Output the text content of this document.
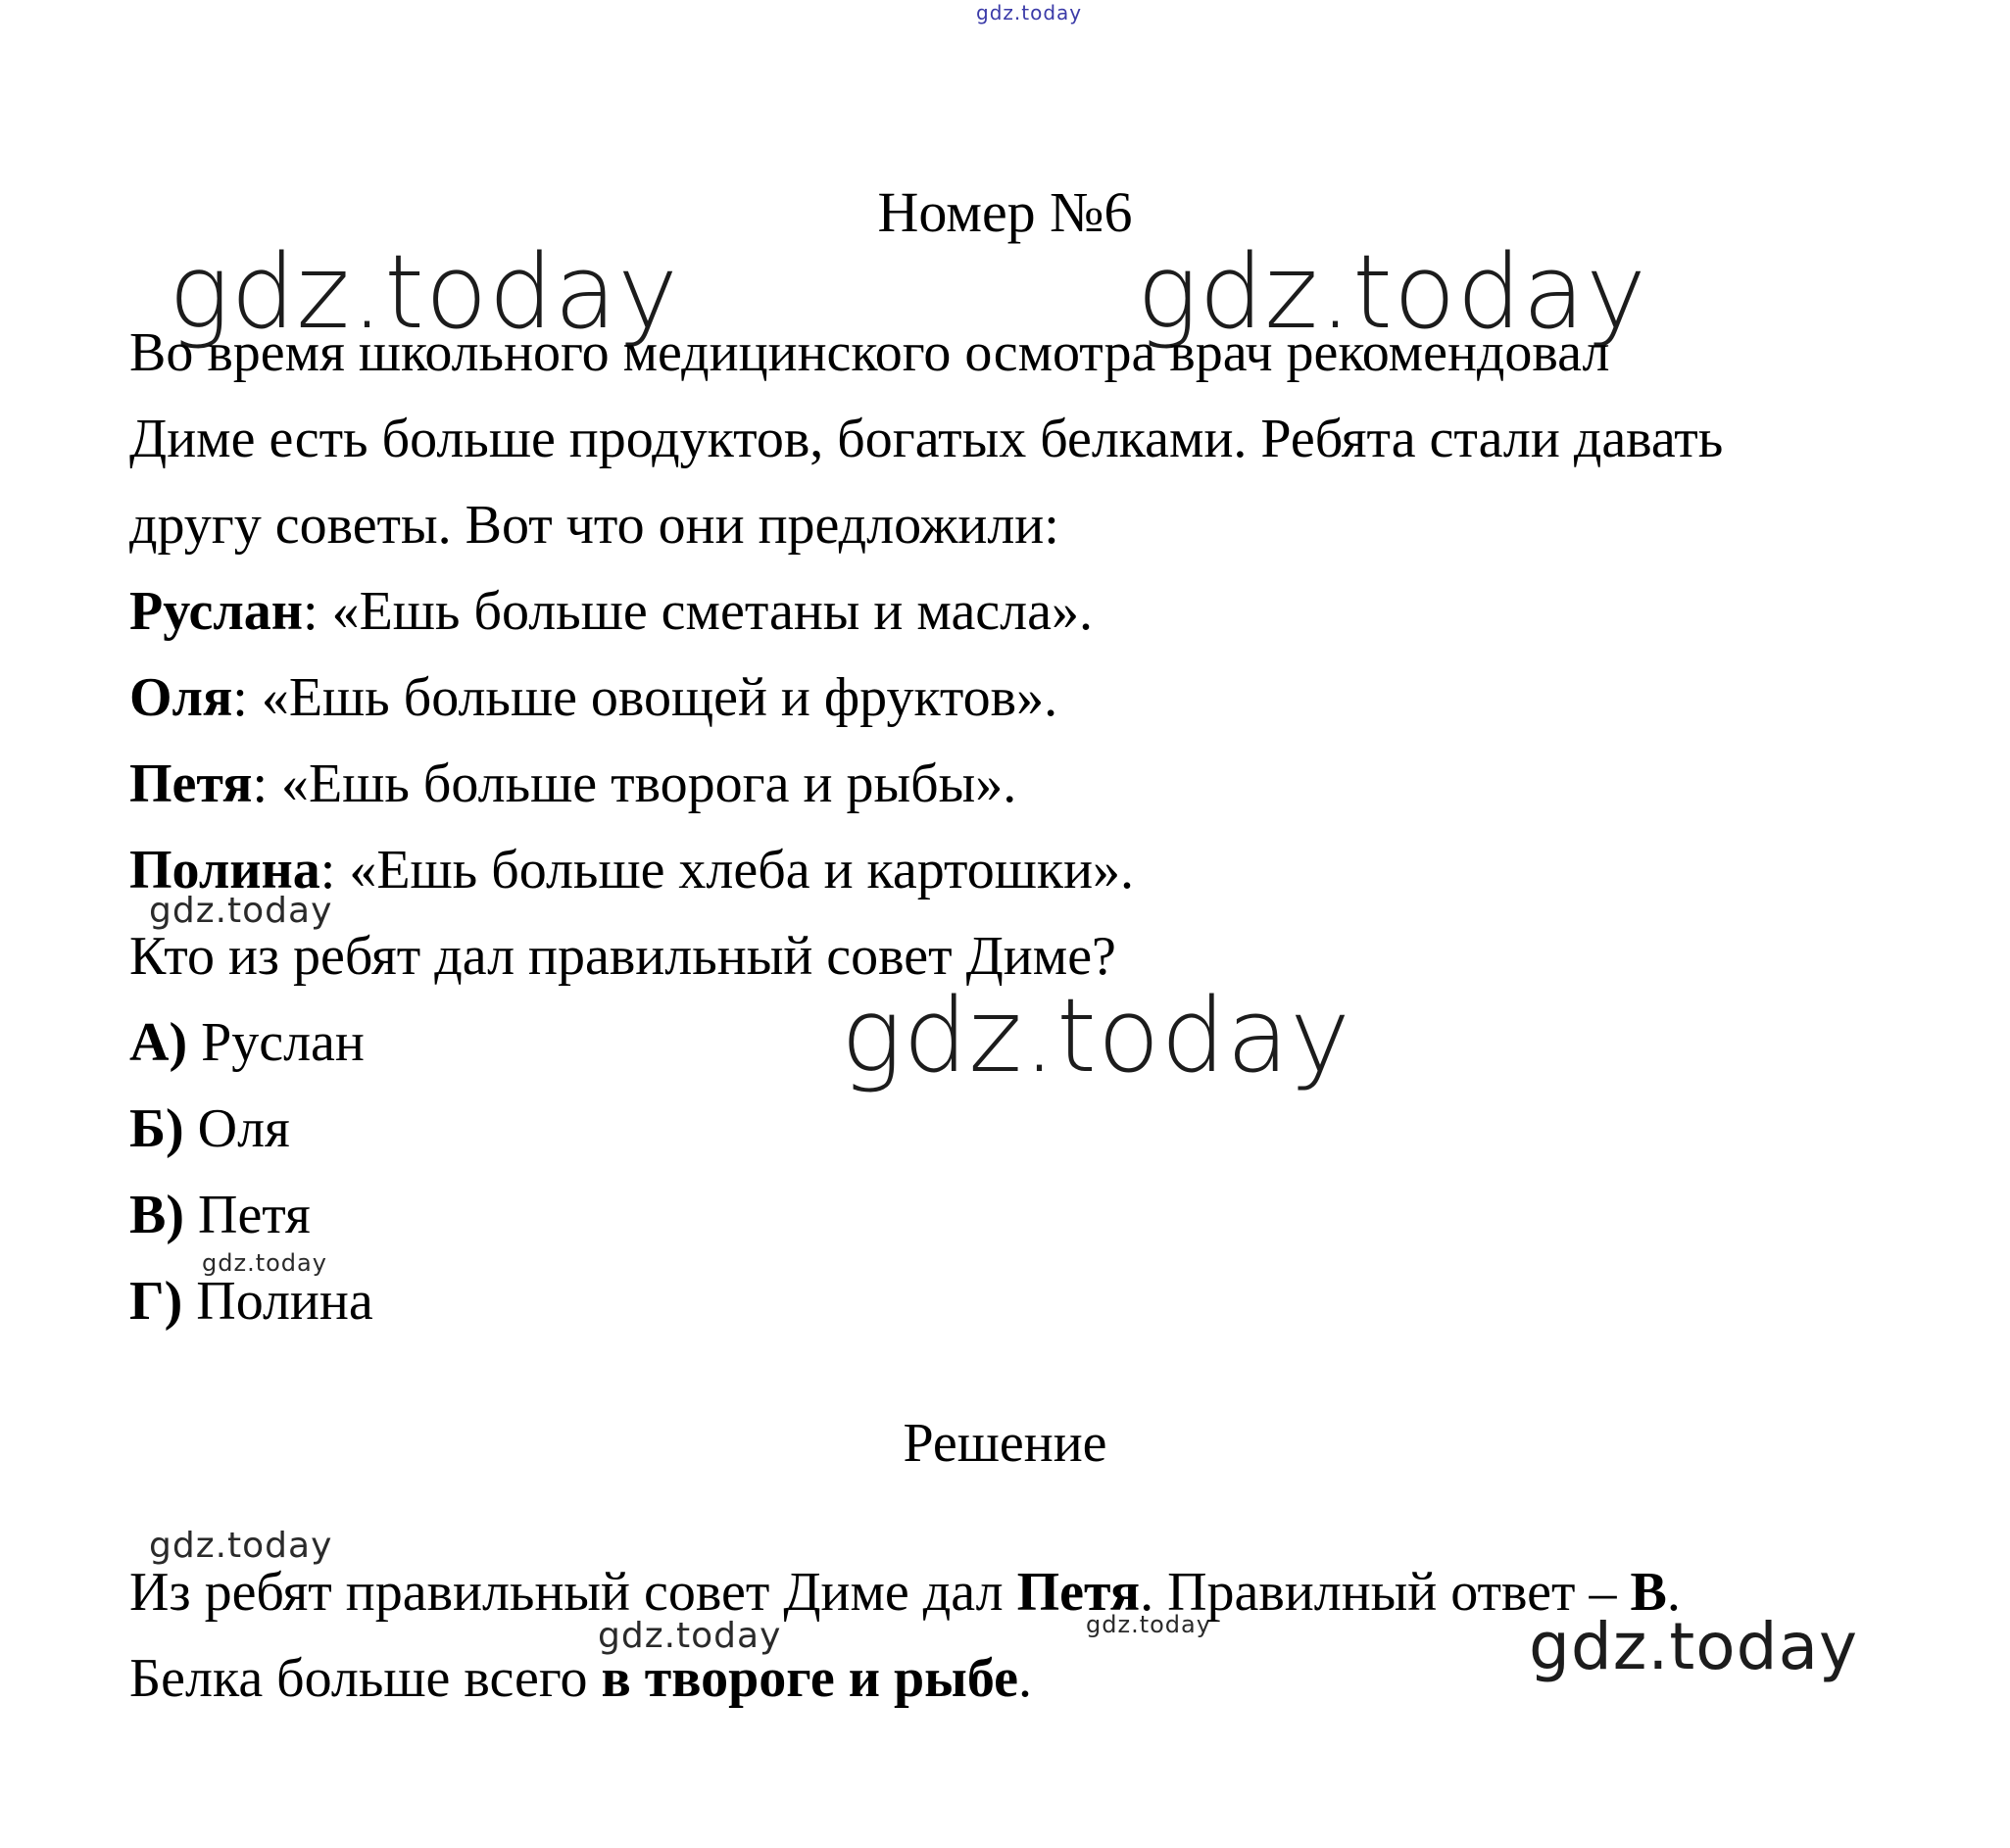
gdz.today
gdz.today	gdz.today
gdz.today
gdz.today
gdz.today
gdz.today
gdz.today
gdz.today	gdz.today
Номер №6
Во время школьного медицинского осмотра врач рекомендовал
Диме есть больше продуктов, богатых белками. Ребята стали давать
другу советы. Вот что они предложили:
Руслан: «Ешь больше сметаны и масла».
Оля: «Ешь больше овощей и фруктов».
Петя: «Ешь больше творога и рыбы».
Полина: «Ешь больше хлеба и картошки».
Кто из ребят дал правильный совет Диме?
А) Руслан
Б) Оля
В) Петя
Г) Полина
Решение
Из ребят правильный совет Диме дал Петя. Правилный ответ – В.
Белка больше всего в твороге и рыбе.
